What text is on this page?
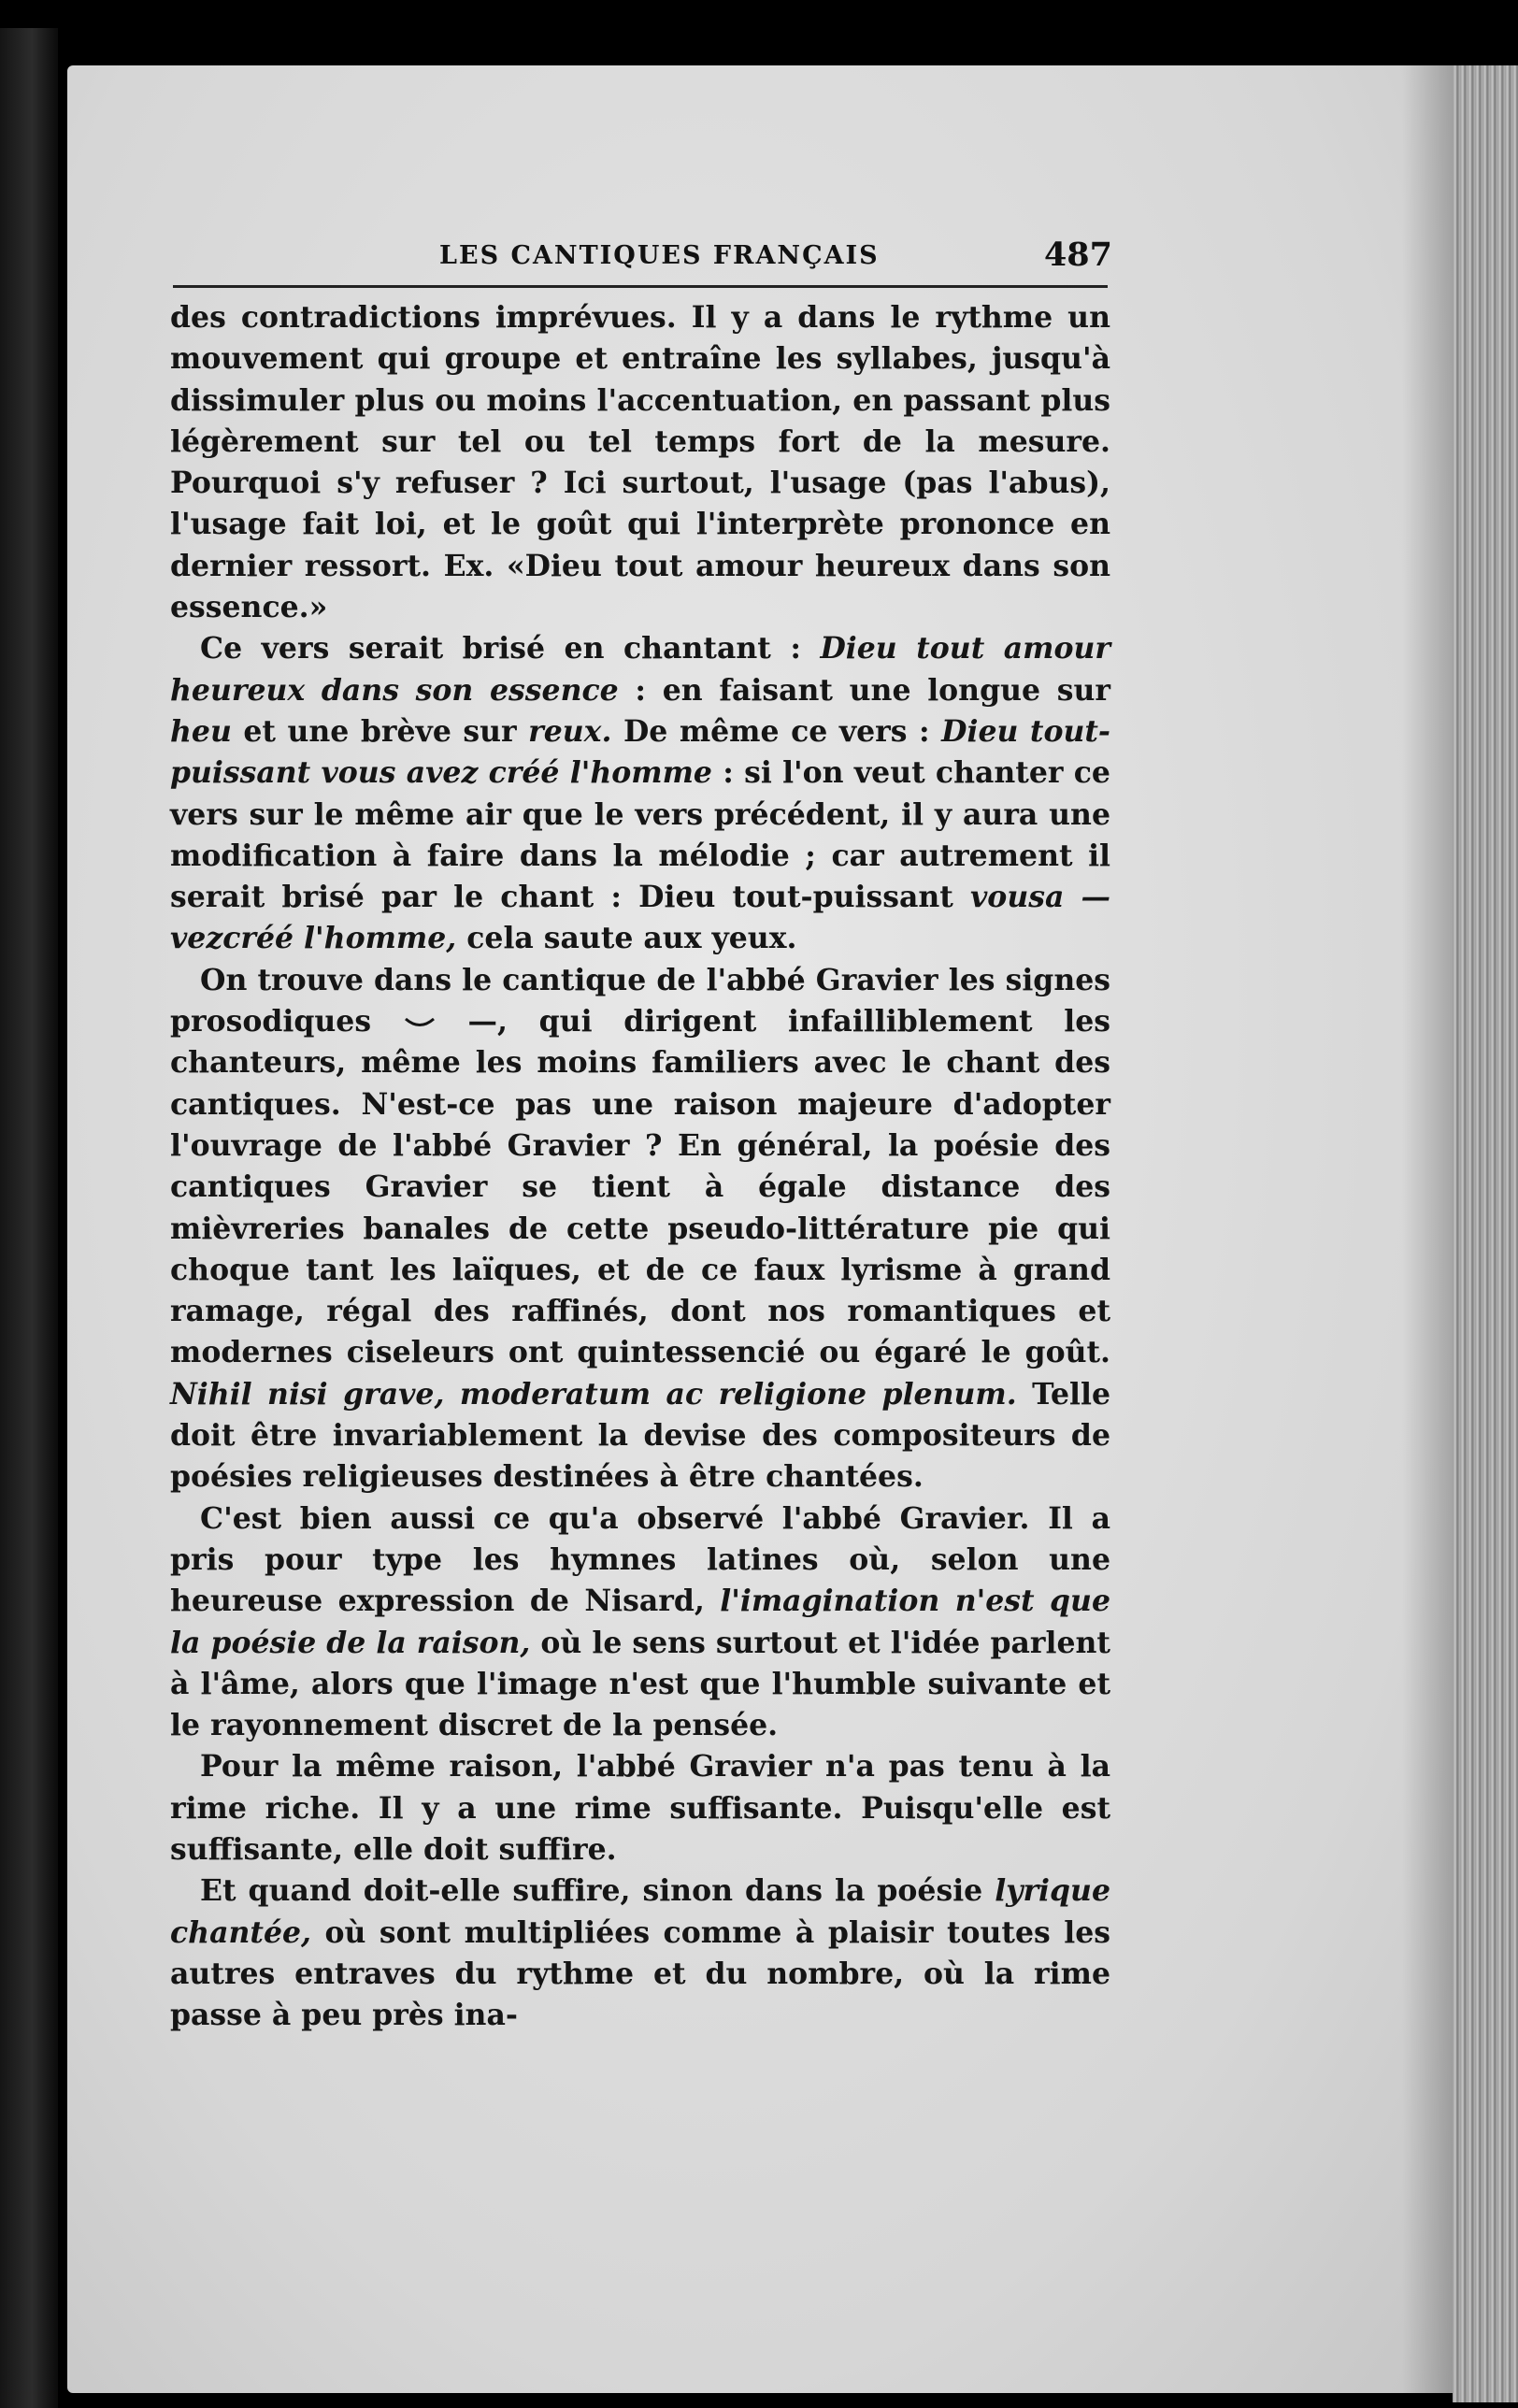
LES CANTIQUES FRANÇAIS	487

des contradictions imprévues. Il y a dans le rythme un mouvement qui groupe et entraîne les syllabes, jusqu'à dissimuler plus ou moins l'accentuation, en passant plus légèrement sur tel ou tel temps fort de la mesure. Pourquoi s'y refuser ? Ici surtout, l'usage (pas l'abus), l'usage fait loi, et le goût qui l'interprète prononce en dernier ressort. Ex. «Dieu tout amour heureux dans son essence.»

Ce vers serait brisé en chantant : Dieu tout amour heureux dans son essence : en faisant une longue sur heu et une brève sur reux. De même ce vers : Dieu tout-puissant vous avez créé l'homme : si l'on veut chanter ce vers sur le même air que le vers précédent, il y aura une modification à faire dans la mélodie ; car autrement il serait brisé par le chant : Dieu tout-puissant vousa — vezcréé l'homme, cela saute aux yeux.

On trouve dans le cantique de l'abbé Gravier les signes prosodiques  —, qui dirigent infailliblement les chanteurs, même les moins familiers avec le chant des cantiques. N'est-ce pas une raison majeure d'adopter l'ouvrage de l'abbé Gravier ? En général, la poésie des cantiques Gravier se tient à égale distance des mièvreries banales de cette pseudo-littérature pie qui choque tant les laïques, et de ce faux lyrisme à grand ramage, régal des raffinés, dont nos romantiques et modernes ciseleurs ont quintessencié ou égaré le goût. Nihil nisi grave, moderatum ac religione plenum. Telle doit être invariablement la devise des compositeurs de poésies religieuses destinées à être chantées.

C'est bien aussi ce qu'a observé l'abbé Gravier. Il a pris pour type les hymnes latines où, selon une heureuse expression de Nisard, l'imagination n'est que la poésie de la raison, où le sens surtout et l'idée parlent à l'âme, alors que l'image n'est que l'humble suivante et le rayonnement discret de la pensée.

Pour la même raison, l'abbé Gravier n'a pas tenu à la rime riche. Il y a une rime suffisante. Puisqu'elle est suffisante, elle doit suffire.

Et quand doit-elle suffire, sinon dans la poésie lyrique chantée, où sont multipliées comme à plaisir toutes les autres entraves du rythme et du nombre, où la rime passe à peu près ina-
